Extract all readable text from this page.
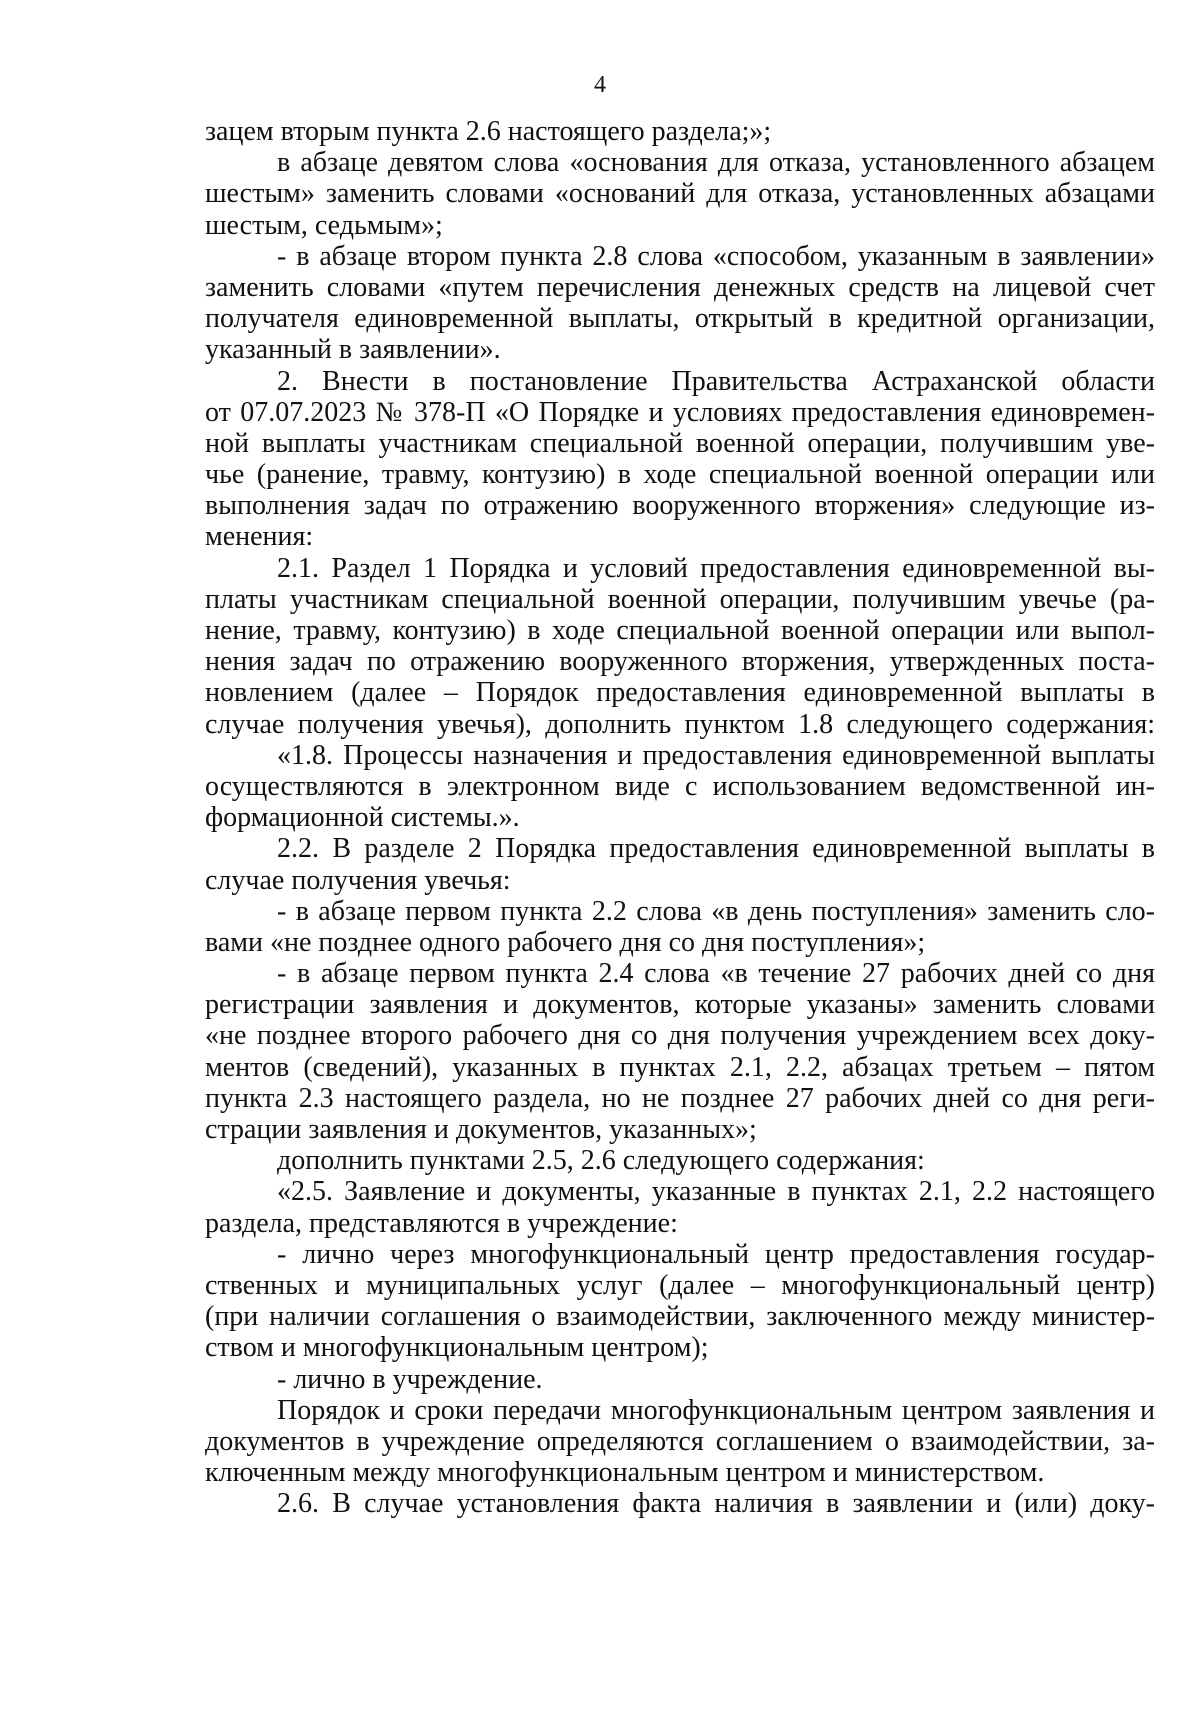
4
зацем вторым пункта 2.6 настоящего раздела;»;
в абзаце девятом слова «основания для отказа, установленного абзацем
шестым» заменить словами «оснований для отказа, установленных абзацами
шестым, седьмым»;
- в абзаце втором пункта 2.8 слова «способом, указанным в заявлении»
заменить словами «путем перечисления денежных средств на лицевой счет
получателя единовременной выплаты, открытый в кредитной организации,
указанный в заявлении».
2. Внести в постановление Правительства Астраханской области
от 07.07.2023 № 378-П «О Порядке и условиях предоставления единовремен-
ной выплаты участникам специальной военной операции, получившим уве-
чье (ранение, травму, контузию) в ходе специальной военной операции или
выполнения задач по отражению вооруженного вторжения» следующие из-
менения:
2.1. Раздел 1 Порядка и условий предоставления единовременной вы-
платы участникам специальной военной операции, получившим увечье (ра-
нение, травму, контузию) в ходе специальной военной операции или выпол-
нения задач по отражению вооруженного вторжения, утвержденных поста-
новлением (далее – Порядок предоставления единовременной выплаты в
случае получения увечья), дополнить пунктом 1.8 следующего содержания:
«1.8. Процессы назначения и предоставления единовременной выплаты
осуществляются в электронном виде с использованием ведомственной ин-
формационной системы.».
2.2. В разделе 2 Порядка предоставления единовременной выплаты в
случае получения увечья:
- в абзаце первом пункта 2.2 слова «в день поступления» заменить сло-
вами «не позднее одного рабочего дня со дня поступления»;
- в абзаце первом пункта 2.4 слова «в течение 27 рабочих дней со дня
регистрации заявления и документов, которые указаны» заменить словами
«не позднее второго рабочего дня со дня получения учреждением всех доку-
ментов (сведений), указанных в пунктах 2.1, 2.2, абзацах третьем – пятом
пункта 2.3 настоящего раздела, но не позднее 27 рабочих дней со дня реги-
страции заявления и документов, указанных»;
дополнить пунктами 2.5, 2.6 следующего содержания:
«2.5. Заявление и документы, указанные в пунктах 2.1, 2.2 настоящего
раздела, представляются в учреждение:
- лично через многофункциональный центр предоставления государ-
ственных и муниципальных услуг (далее – многофункциональный центр)
(при наличии соглашения о взаимодействии, заключенного между министер-
ством и многофункциональным центром);
- лично в учреждение.
Порядок и сроки передачи многофункциональным центром заявления и
документов в учреждение определяются соглашением о взаимодействии, за-
ключенным между многофункциональным центром и министерством.
2.6. В случае установления факта наличия в заявлении и (или) доку-
